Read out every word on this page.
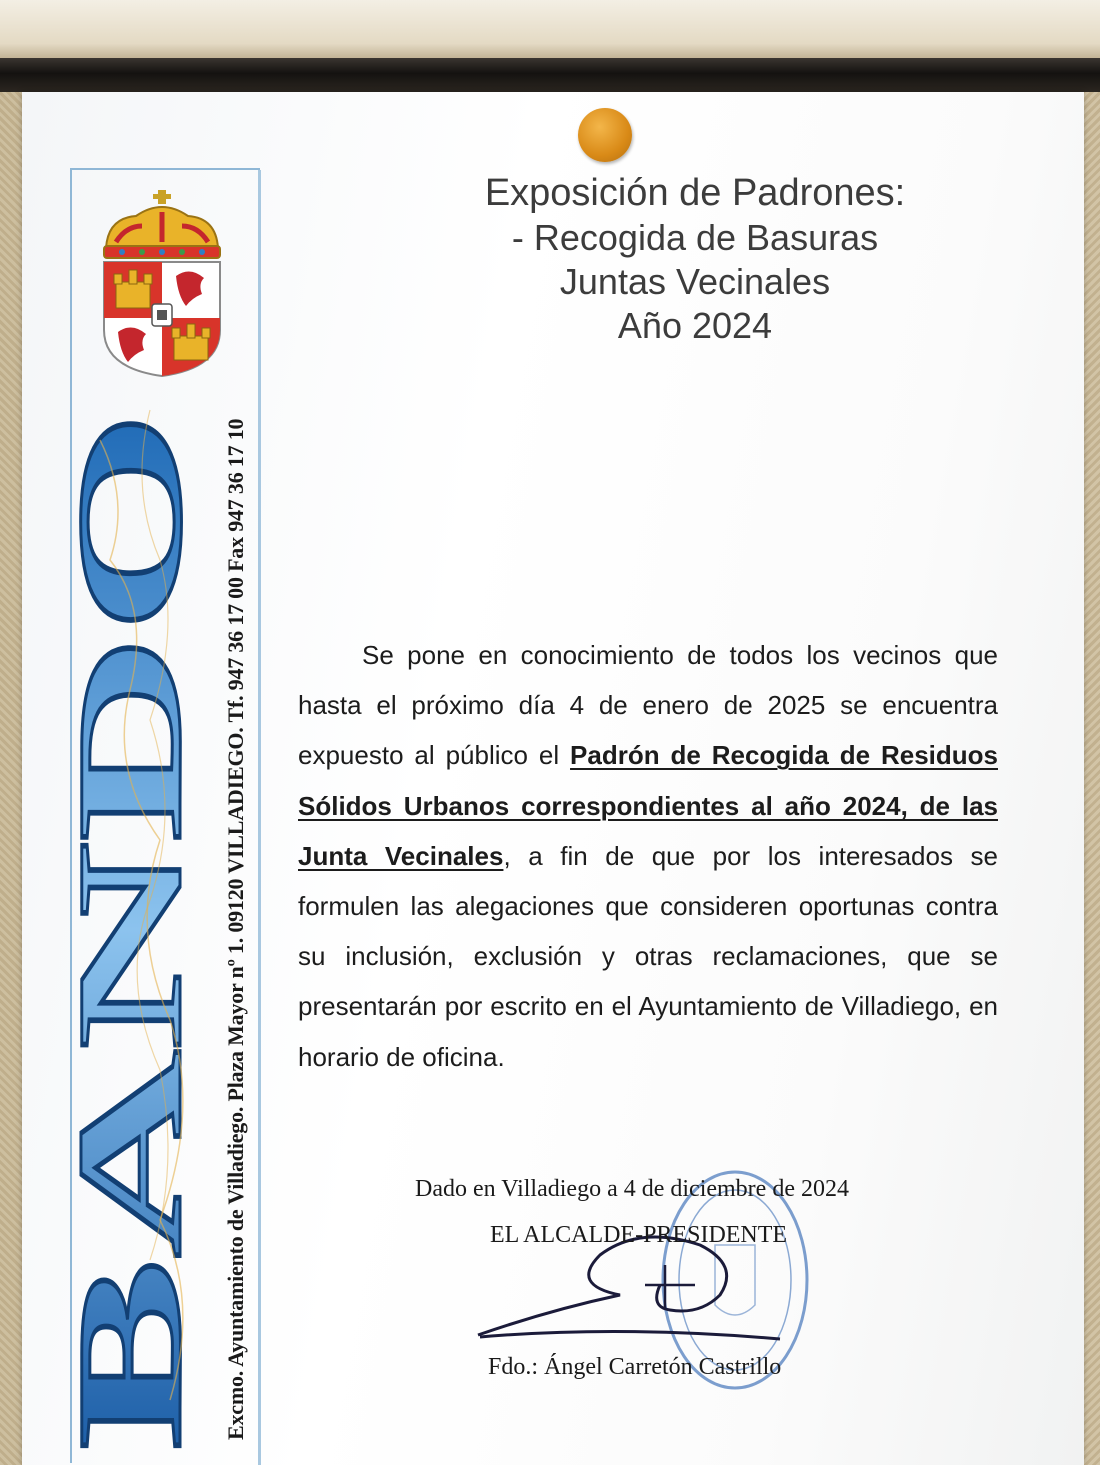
BANDO Excmo. Ayuntamiento de Villadiego. Plaza Mayor nº 1. 09120 VILLADIEGO. Tf. 947 36 17 00 Fax 947 36 17 10
Exposición de Padrones:
- Recogida de Basuras
Juntas Vecinales
Año 2024

Se pone en conocimiento de todos los vecinos que hasta el próximo día 4 de enero de 2025 se encuentra expuesto al público el Padrón de Recogida de Residuos Sólidos Urbanos correspondientes al año 2024, de las Junta Vecinales, a fin de que por los interesados se formulen las alegaciones que consideren oportunas contra su inclusión, exclusión y otras reclamaciones, que se presentarán por escrito en el Ayuntamiento de Villadiego, en horario de oficina.

Dado en Villadiego a 4 de diciembre de 2024
EL ALCALDE-PRESIDENTE
Fdo.: Ángel Carretón Castrillo
